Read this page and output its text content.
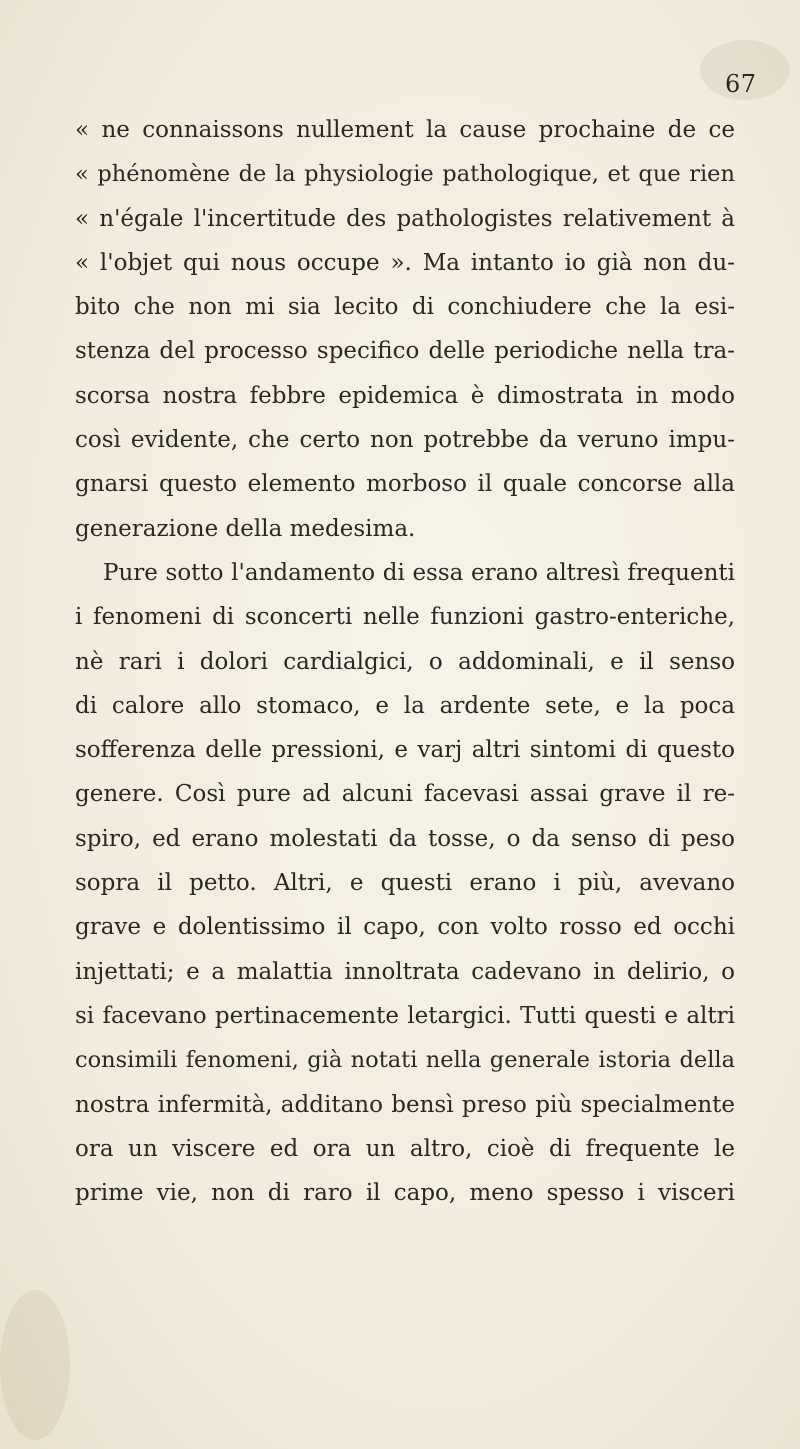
67
« ne connaissons nullement la cause prochaine de ce
« phénomène de la physiologie pathologique, et que rien
« n'égale l'incertitude des pathologistes relativement à
« l'objet qui nous occupe ». Ma intanto io già non du-
bito che non mi sia lecito di conchiudere che la esi-
stenza del processo specifico delle periodiche nella tra-
scorsa nostra febbre epidemica è dimostrata in modo
così evidente, che certo non potrebbe da veruno impu-
gnarsi questo elemento morboso il quale concorse alla
generazione della medesima.
Pure sotto l'andamento di essa erano altresì frequenti
i fenomeni di sconcerti nelle funzioni gastro-enteriche,
nè rari i dolori cardialgici, o addominali, e il senso
di calore allo stomaco, e la ardente sete, e la poca
sofferenza delle pressioni, e varj altri sintomi di questo
genere. Così pure ad alcuni facevasi assai grave il re-
spiro, ed erano molestati da tosse, o da senso di peso
sopra il petto. Altri, e questi erano i più, avevano
grave e dolentissimo il capo, con volto rosso ed occhi
injettati; e a malattia innoltrata cadevano in delirio, o
si facevano pertinacemente letargici. Tutti questi e altri
consimili fenomeni, già notati nella generale istoria della
nostra infermità, additano bensì preso più specialmente
ora un viscere ed ora un altro, cioè di frequente le
prime vie, non di raro il capo, meno spesso i visceri
